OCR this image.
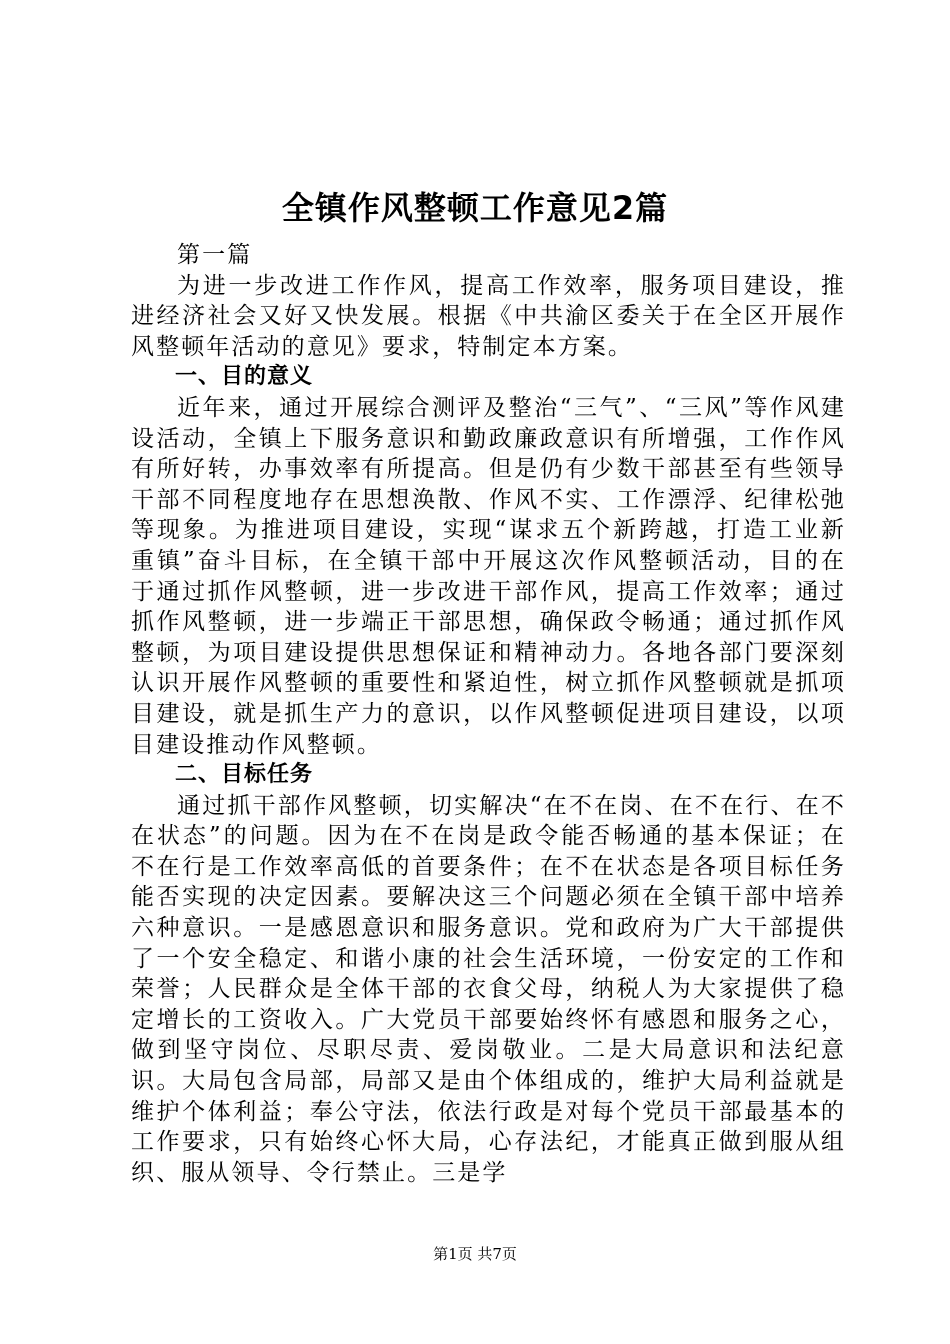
全镇作风整顿工作意见2篇

第一篇

为进一步改进工作作风，提高工作效率，服务项目建设，推进经济社会又好又快发展。根据《中共渝区委关于在全区开展作风整顿年活动的意见》要求，特制定本方案。

一、目的意义

近年来，通过开展综合测评及整治“三气”、“三风”等作风建设活动，全镇上下服务意识和勤政廉政意识有所增强，工作作风有所好转，办事效率有所提高。但是仍有少数干部甚至有些领导干部不同程度地存在思想涣散、作风不实、工作漂浮、纪律松弛等现象。为推进项目建设，实现“谋求五个新跨越，打造工业新重镇”奋斗目标，在全镇干部中开展这次作风整顿活动，目的在于通过抓作风整顿，进一步改进干部作风，提高工作效率；通过抓作风整顿，进一步端正干部思想，确保政令畅通；通过抓作风整顿，为项目建设提供思想保证和精神动力。各地各部门要深刻认识开展作风整顿的重要性和紧迫性，树立抓作风整顿就是抓项目建设，就是抓生产力的意识，以作风整顿促进项目建设，以项目建设推动作风整顿。

二、目标任务

通过抓干部作风整顿，切实解决“在不在岗、在不在行、在不在状态”的问题。因为在不在岗是政令能否畅通的基本保证；在不在行是工作效率高低的首要条件；在不在状态是各项目标任务能否实现的决定因素。要解决这三个问题必须在全镇干部中培养六种意识。一是感恩意识和服务意识。党和政府为广大干部提供了一个安全稳定、和谐小康的社会生活环境，一份安定的工作和荣誉；人民群众是全体干部的衣食父母，纳税人为大家提供了稳定增长的工资收入。广大党员干部要始终怀有感恩和服务之心，做到坚守岗位、尽职尽责、爱岗敬业。二是大局意识和法纪意识。大局包含局部，局部又是由个体组成的，维护大局利益就是维护个体利益；奉公守法，依法行政是对每个党员干部最基本的工作要求，只有始终心怀大局，心存法纪，才能真正做到服从组织、服从领导、令行禁止。三是学

第1页 共7页
